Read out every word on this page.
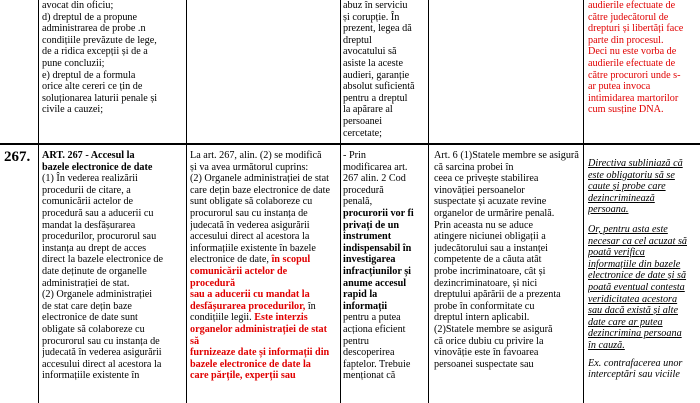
avocat din oficiu;
d) dreptul de a propune
administrarea de probe .n
condițiile prevăzute de lege,
de a ridica excepții și de a
pune concluzii;
e) dreptul de a formula
orice alte cereri ce țin de
soluționarea laturii penale și
civile a cauzei;
abuz în serviciu
și corupție. În
prezent, legea dă
dreptul
avocatului să
asiste la aceste
audieri, garanție
absolut suficientă
pentru a dreptul
la apărare al
persoanei
cercetate;
audierile efectuate de
către judecătorul de
drepturi și libertăți face
parte din procesul.
Deci nu este vorba de
audierile efectuate de
către procurori unde s-
ar putea invoca
intimidarea martorilor
cum susține DNA.
267. ART. 267 - Accesul la
bazele electronice de date
(1) În vederea realizării
procedurii de citare, a
comunicării actelor de
procedură sau a aducerii cu
mandat la desfășurarea
procedurilor, procurorul sau
instanța au drept de acces
direct la bazele electronice de
date deținute de organelle
administrației de stat.
(2) Organele administrației
de stat care dețin baze
electronice de date sunt
obligate să colaboreze cu
procurorul sau cu instanța de
judecată în vederea asigurării
accesului direct al acestora la
informațiile existente în
La art. 267, alin. (2) se modifică
și va avea următorul cuprins:
(2) Organele administrației de stat
care dețin baze electronice de date
sunt obligate să colaboreze cu
procurorul sau cu instanța de
judecată în vederea asigurării
accesului direct al acestora la
informațiile existente în bazele
electronice de date, în scopul
comunicării actelor de
procedură
sau a aducerii cu mandat la
desfășurarea procedurilor, în
condițiile legii. Este interzis
organelor administrației de stat
să
furnizeaze date și informații din
bazele electronice de date la
care părțile, experții sau
- Prin
modificarea art.
267 alin. 2 Cod
procedură
penală,
procurorii vor fi
privați de un
instrument
indispensabil în
investigarea
infracțiunilor și
anume accesul
rapid la
informații
pentru a putea
acționa eficient
pentru
descoperirea
faptelor. Trebuie
menționat că
Art. 6 (1)Statele membre se asigură
că sarcina probei în
ceea ce privește stabilirea
vinovăției persoanelor
suspectate și acuzate revine
organelor de urmărire penală.
Prin aceasta nu se aduce
atingere niciunei obligații a
judecătorului sau a instanței
competente de a căuta atât
probe incriminatoare, cât și
dezincriminatoare, și nici
dreptului apărării de a prezenta
probe în conformitate cu
dreptul intern aplicabil.
(2)Statele membre se asigură
că orice dubiu cu privire la
vinovăție este în favoarea
persoanei suspectate sau
Directiva subliniază că
este obligatoriu să se
caute și probe care
dezincriminează
persoana.
Or, pentru asta este
necesar ca cel acuzat să
poată verifica
informațiile din bazele
electronice de date și să
poată eventual contesta
veridicitatea acestora
sau dacă există și alte
date care ar putea
dezincrimina persoana
în cauză.
Ex. contrafacerea unor
interceptări sau viciile
